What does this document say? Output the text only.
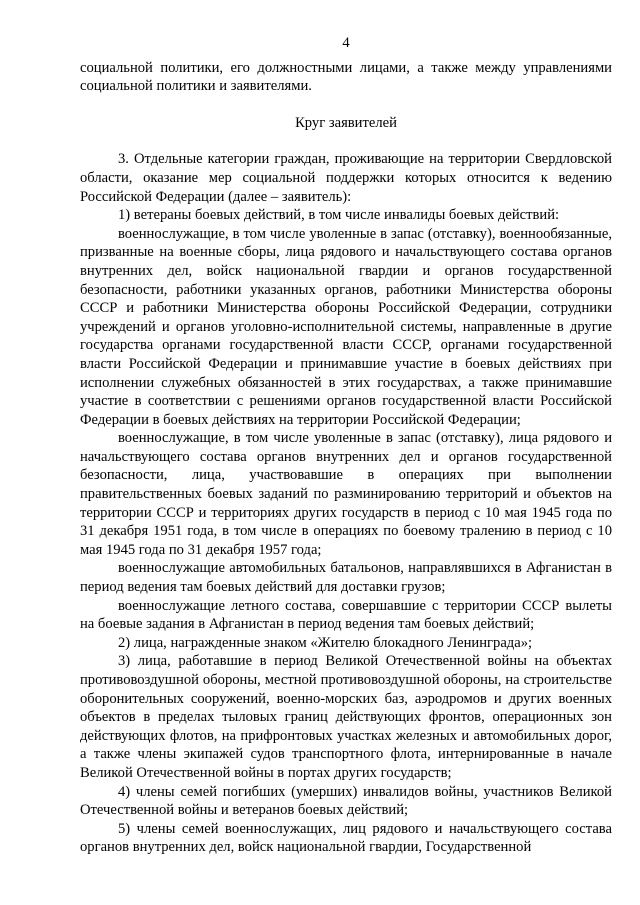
4

социальной политики, его должностными лицами, а также между управлениями социальной политики и заявителями.

Круг заявителей

3. Отдельные категории граждан, проживающие на территории Свердловской области, оказание мер социальной поддержки которых относится к ведению Российской Федерации (далее – заявитель):

1) ветераны боевых действий, в том числе инвалиды боевых действий:

военнослужащие, в том числе уволенные в запас (отставку), военнообязанные, призванные на военные сборы, лица рядового и начальствующего состава органов внутренних дел, войск национальной гвардии и органов государственной безопасности, работники указанных органов, работники Министерства обороны СССР и работники Министерства обороны Российской Федерации, сотрудники учреждений и органов уголовно-исполнительной системы, направленные в другие государства органами государственной власти СССР, органами государственной власти Российской Федерации и принимавшие участие в боевых действиях при исполнении служебных обязанностей в этих государствах, а также принимавшие участие в соответствии с решениями органов государственной власти Российской Федерации в боевых действиях на территории Российской Федерации;

военнослужащие, в том числе уволенные в запас (отставку), лица рядового и начальствующего состава органов внутренних дел и органов государственной безопасности, лица, участвовавшие в операциях при выполнении правительственных боевых заданий по разминированию территорий и объектов на территории СССР и территориях других государств в период с 10 мая 1945 года по 31 декабря 1951 года, в том числе в операциях по боевому тралению в период с 10 мая 1945 года по 31 декабря 1957 года;

военнослужащие автомобильных батальонов, направлявшихся в Афганистан в период ведения там боевых действий для доставки грузов;

военнослужащие летного состава, совершавшие с территории СССР вылеты на боевые задания в Афганистан в период ведения там боевых действий;

2) лица, награжденные знаком «Жителю блокадного Ленинграда»;

3) лица, работавшие в период Великой Отечественной войны на объектах противовоздушной обороны, местной противовоздушной обороны, на строительстве оборонительных сооружений, военно-морских баз, аэродромов и других военных объектов в пределах тыловых границ действующих фронтов, операционных зон действующих флотов, на прифронтовых участках железных и автомобильных дорог, а также члены экипажей судов транспортного флота, интернированные в начале Великой Отечественной войны в портах других государств;

4) члены семей погибших (умерших) инвалидов войны, участников Великой Отечественной войны и ветеранов боевых действий;

5) члены семей военнослужащих, лиц рядового и начальствующего состава органов внутренних дел, войск национальной гвардии, Государственной
